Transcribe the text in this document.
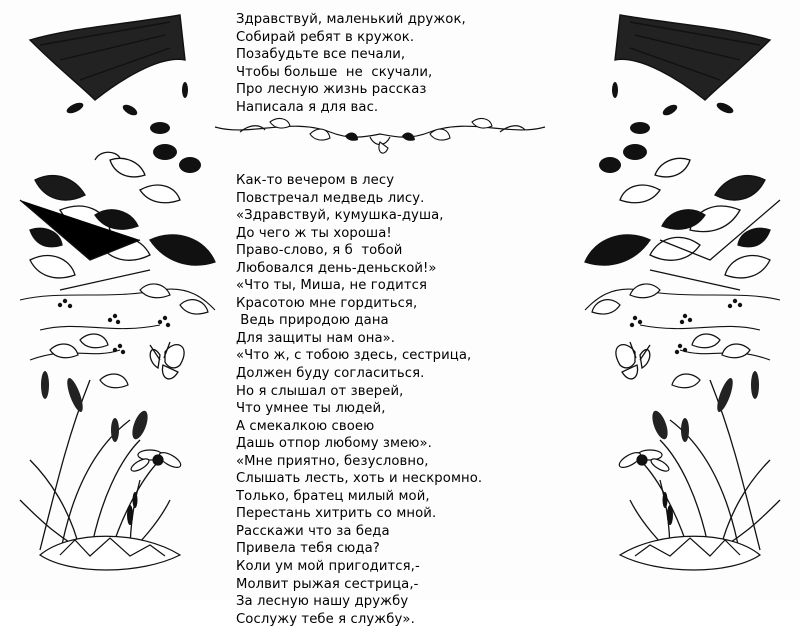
Здравствуй, маленький дружок,
Собирай ребят в кружок.
Позабудьте все печали,
Чтобы больше  не  скучали,
Про лесную жизнь рассказ
Написала я для вас.
Как-то вечером в лесу
Повстречал медведь лису.
«Здравствуй, кумушка-душа,
До чего ж ты хороша!
Право-слово, я б  тобой
Любовался день-деньской!»
«Что ты, Миша, не годится
Красотою мне гордиться,
Ведь природою дана
Для защиты нам она».
«Что ж, с тобою здесь, сестрица,
Должен буду согласиться.
Но я слышал от зверей,
Что умнее ты людей,
А смекалкою своею
Дашь отпор любому змею».
«Мне приятно, безусловно,
Слышать лесть, хоть и нескромно.
Только, братец милый мой,
Перестань хитрить со мной.
Расскажи что за беда
Привела тебя сюда?
Коли ум мой пригодится,-
Молвит рыжая сестрица,-
За лесную нашу дружбу
Сослужу тебе я службу».
